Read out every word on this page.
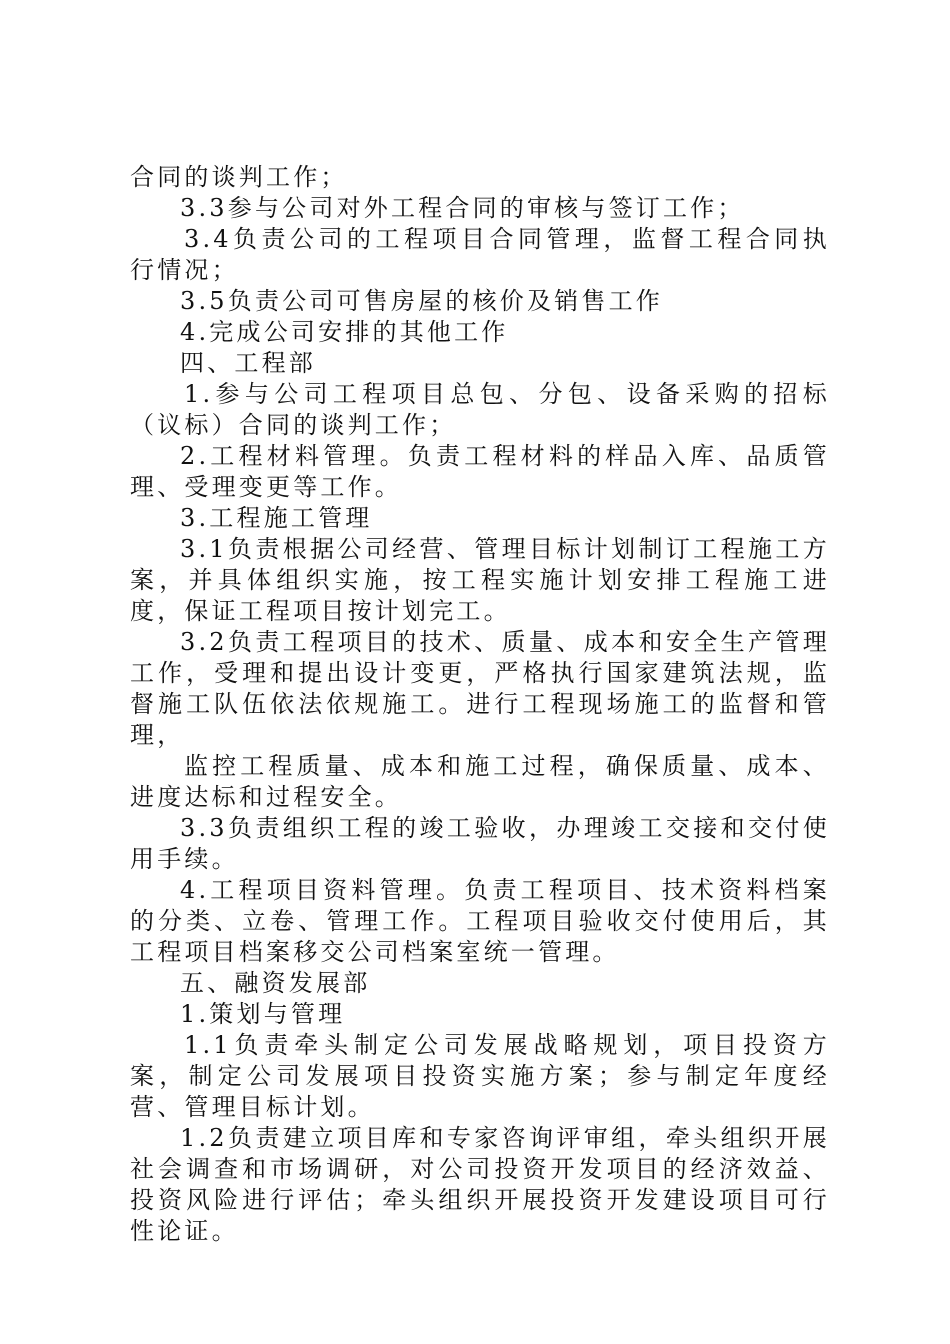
合同的谈判工作；

3.3参与公司对外工程合同的审核与签订工作；

3.4负责公司的工程项目合同管理，监督工程合同执行情况；

3.5负责公司可售房屋的核价及销售工作

4.完成公司安排的其他工作

四、工程部

1.参与公司工程项目总包、分包、设备采购的招标（议标）合同的谈判工作；

2.工程材料管理。负责工程材料的样品入库、品质管理、受理变更等工作。

3.工程施工管理

3.1负责根据公司经营、管理目标计划制订工程施工方案，并具体组织实施，按工程实施计划安排工程施工进度，保证工程项目按计划完工。

3.2负责工程项目的技术、质量、成本和安全生产管理工作，受理和提出设计变更，严格执行国家建筑法规，监督施工队伍依法依规施工。进行工程现场施工的监督和管理，

监控工程质量、成本和施工过程，确保质量、成本、进度达标和过程安全。

3.3负责组织工程的竣工验收，办理竣工交接和交付使用手续。

4.工程项目资料管理。负责工程项目、技术资料档案的分类、立卷、管理工作。工程项目验收交付使用后，其工程项目档案移交公司档案室统一管理。

五、融资发展部

1.策划与管理

1.1负责牵头制定公司发展战略规划，项目投资方案，制定公司发展项目投资实施方案；参与制定年度经营、管理目标计划。

1.2负责建立项目库和专家咨询评审组，牵头组织开展社会调查和市场调研，对公司投资开发项目的经济效益、投资风险进行评估；牵头组织开展投资开发建设项目可行性论证。
